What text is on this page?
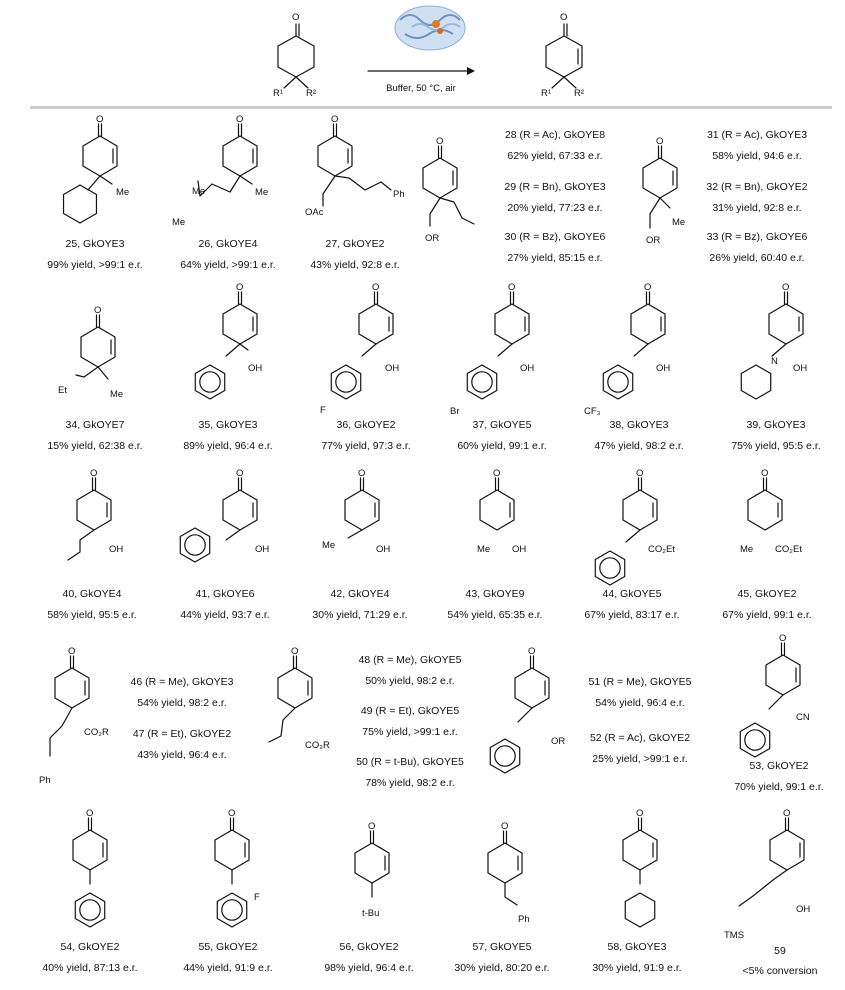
O
R¹ R²	Buffer, 50 °C, air
O
R¹ R²
O	O	O
O	O
O
O	O	O	O	O
O	O	O	O	O	O
O	O	O
O
O	O
O	O
O	O
25, GkOYE3
99% yield, >99:1 e.r.
26, GkOYE4
64% yield, >99:1 e.r.
27, GkOYE2
43% yield, 92:8 e.r.
28 (R = Ac), GkOYE8
62% yield, 67:33 e.r.
29 (R = Bn), GkOYE3
20% yield, 77:23 e.r.
30 (R = Bz), GkOYE6
27% yield, 85:15 e.r.
31 (R = Ac), GkOYE3
58% yield, 94:6 e.r.
32 (R = Bn), GkOYE2
31% yield, 92:8 e.r.
33 (R = Bz), GkOYE6
26% yield, 60:40 e.r.
34, GkOYE7
15% yield, 62:38 e.r.
35, GkOYE3
89% yield, 96:4 e.r.
36, GkOYE2
77% yield, 97:3 e.r.
37, GkOYE5
60% yield, 99:1 e.r.
38, GkOYE3
47% yield, 98:2 e.r.
39, GkOYE3
75% yield, 95:5 e.r.
40, GkOYE4
58% yield, 95:5 e.r.
41, GkOYE6
44% yield, 93:7 e.r.
42, GkOYE4
30% yield, 71:29 e.r.
43, GkOYE9
54% yield, 65:35 e.r.
44, GkOYE5
67% yield, 83:17 e.r.
45, GkOYE2
67% yield, 99:1 e.r.
46 (R = Me), GkOYE3
54% yield, 98:2 e.r.
47 (R = Et), GkOYE2
43% yield, 96:4 e.r.
48 (R = Me), GkOYE5
50% yield, 98:2 e.r.
49 (R = Et), GkOYE5
75% yield, >99:1 e.r.
50 (R = t-Bu), GkOYE5
78% yield, 98:2 e.r.
51 (R = Me), GkOYE5
54% yield, 96:4 e.r.
52 (R = Ac), GkOYE2
25% yield, >99:1 e.r.
53, GkOYE2
70% yield, 99:1 e.r.
54, GkOYE2
40% yield, 87:13 e.r.
55, GkOYE2
44% yield, 91:9 e.r.
56, GkOYE2
98% yield, 96:4 e.r.
57, GkOYE5
30% yield, 80:20 e.r.
58, GkOYE3
30% yield, 91:9 e.r.
59
<5% conversion
Me	Me
Me
Me
OAc
Ph
OR
Me
OR
Et	Me
OH	OH
F
OH
Br
OH
CF₃
OH
N
OH	OH	Me	OH	Me OH	CO₂Et	Me CO₂Et
CO₂R
Ph
CO₂R	OR
CN
F
t-Bu
Ph
OH
TMS
